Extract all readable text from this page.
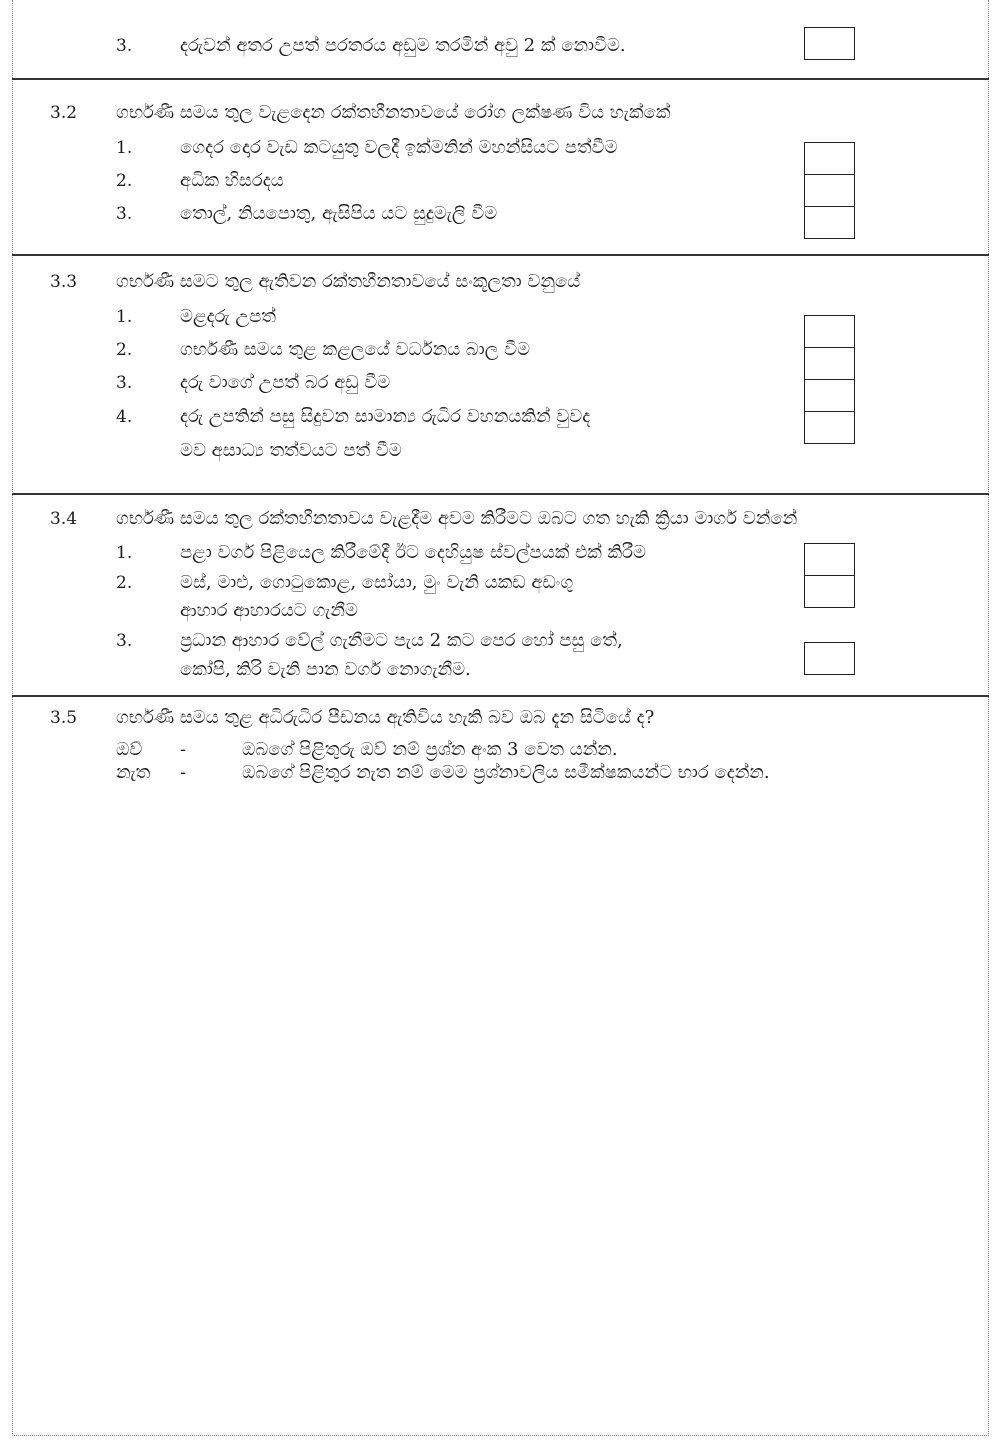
3.	දරුවන් අතර උපත් පරතරය අඩුම තරමින් අවු 2 ක් නොවීම.
3.2 ගර්භණී සමය තුල වැළදෙන රක්තහීනතාවයේ රෝග ලක්ෂණ විය හැක්කේ
1.	ගෙදර දොර වැඩ කටයුතු වලදී ඉක්මනින් මහන්සියට පත්වීම
2.	අධික හිසරදය
3.	තොල්, නියපොතු, ඇසිපිය යට සුදුමැලි වීම
3.3 ගර්භණී සමට තුල ඇතිවන රක්තහීනතාවයේ සංකූලතා වනුයේ
1.	මළදරු උපත්
2.	ගර්භණී සමය තුළ කළලයේ වර්ධනය බාල වීම
3.	දරු වාගේ උපත් බර අඩු වීම
4.	දරු උපතින් පසු සිදුවන සාමාන්‍ය රුධිර වහනයකින් වුවද
මව අසාධ්‍ය තත්වයට පත් වීම
3.4 ගර්භණී සමය තුල රක්තහීනතාවය වැළදීම අවම කිරීමට ඔබට ගත හැකි ක්‍රියා මාර්ග වන්නේ
1.	පළා වර්ග පිළියෙල කිරීමේදී ඊට දෙහියුෂ ස්වල්පයක් එක් කිරීම
2.	මස්, මාළු, ගොටුකොළ, සෝයා, මුං වැනි යකඩ අඩංගු
ආහාර ආහාරයට ගැනීම
3.	ප්‍රධාන ආහාර වේල් ගැනීමට පැය 2 කට පෙර හෝ පසු තේ,
කෝපි, කිරි වැනි පාන වර්ග නොගැනීම.
3.5 ගර්භණී සමය තුළ අධිරුධිර පීඩනය ඇතිවිය හැකි බව ඔබ දැන සිටියේ ද?
ඔව් -	ඔබගේ පිළිතුරු ඔව් නම් ප්‍රශ්න අංක 3 වෙත යන්න.
නැත -	ඔබගේ පිළිතුර නැත නම් මෙම ප්‍රශ්නාවලිය සමීක්ෂකයන්ට භාර දෙන්න.
